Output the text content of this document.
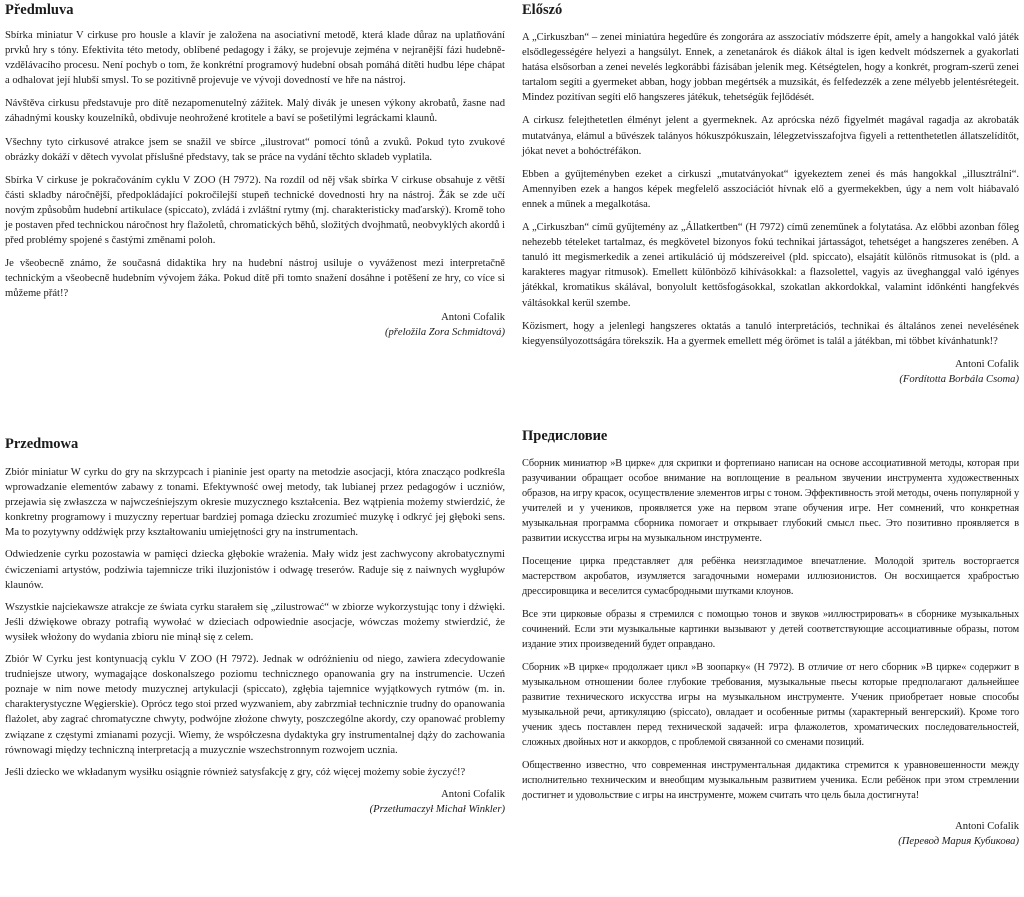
Předmluva

Sbírka miniatur V cirkuse pro housle a klavír je založena na asociativní metodě, která klade důraz na uplatňování prvků hry s tóny. Efektivita této metody, oblíbené pedagogy i žáky, se projevuje zejména v nejranější fázi hudebně-vzdělávacího procesu. Není pochyb o tom, že konkrétní programový hudební obsah pomáhá dítěti hudbu lépe chápat a odhalovat její hlubší smysl. To se pozitivně projevuje ve vývoji dovedností ve hře na nástroj.

Návštěva cirkusu představuje pro dítě nezapomenutelný zážitek. Malý divák je unesen výkony akrobatů, žasne nad záhadnými kousky kouzelníků, obdivuje neohrožené krotitele a baví se pošetilými legráckami klaunů.

Všechny tyto cirkusové atrakce jsem se snažil ve sbírce „ilustrovat“ pomocí tónů a zvuků. Pokud tyto zvukové obrázky dokáží v dětech vyvolat příslušné představy, tak se práce na vydání těchto skladeb vyplatila.

Sbírka V cirkuse je pokračováním cyklu V ZOO (H 7972). Na rozdíl od něj však sbírka V cirkuse obsahuje z větší části skladby náročnější, předpokládající pokročilejší stupeň technické dovednosti hry na nástroj. Žák se zde učí novým způsobům hudební artikulace (spiccato), zvládá i zvláštní rytmy (mj. charakteristicky maďarský). Kromě toho je postaven před technickou náročnost hry flažoletů, chromatických běhů, složitých dvojhmatů, neobvyklých akordů i před problémy spojené s častými změnami poloh.

Je všeobecně známo, že současná didaktika hry na hudební nástroj usiluje o vyváženost mezi interpretačně technickým a všeobecně hudebním vývojem žáka. Pokud dítě při tomto snažení dosáhne i potěšení ze hry, co více si můžeme přát!?

Antoni Cofalik
(přeložila Zora Schmidtová)
Előszó

A „Cirkuszban“ – zenei miniatúra hegedűre és zongorára az asszociatív módszerre épít, amely a hangokkal való játék elsődlegességére helyezi a hangsúlyt. Ennek, a zenetanárok és diákok által is igen kedvelt módszernek a gyakorlati hatása elsősorban a zenei nevelés legkorábbi fázisában jelenik meg. Kétségtelen, hogy a konkrét, program-szerű zenei tartalom segíti a gyermeket abban, hogy jobban megértsék a muzsikát, és felfedezzék a zene mélyebb jelentésrétegeit. Mindez pozitívan segíti elő hangszeres játékuk, tehetségük fejlődését.

A cirkusz felejthetetlen élményt jelent a gyermeknek. Az aprócska néző figyelmét magával ragadja az akrobaták mutatványa, elámul a bűvészek talányos hókuszpókuszain, lélegzetvisszafojtva figyeli a rettenthetetlen állatszelídítőt, jókat nevet a bohóctréfákon.

Ebben a gyűjteményben ezeket a cirkuszi „mutatványokat“ igyekeztem zenei és más hangokkal „illusztrálni“. Amennyiben ezek a hangos képek megfelelő asszociációt hívnak elő a gyermekekben, úgy a nem volt hiábavaló ennek a műnek a megalkotása.

A „Cirkuszban“ című gyűjtemény az „Állatkertben“ (H 7972) című zeneműnek a folytatása. Az előbbi azonban főleg nehezebb tételeket tartalmaz, és megkövetel bizonyos fokú technikai jártasságot, tehetséget a hangszeres zenében. A tanuló itt megismerkedik a zenei artikuláció új módszereivel (pld. spiccato), elsajátít különös ritmusokat is (pld. a karakteres magyar ritmusok). Emellett különböző kihívásokkal: a flazsolettel, vagyis az üveghanggal való igényes játékkal, kromatikus skálával, bonyolult kettősfogásokkal, szokatlan akkordokkal, valamint időnkénti hangfekvés váltásokkal kerül szembe.

Közismert, hogy a jelenlegi hangszeres oktatás a tanuló interpretációs, technikai és általános zenei nevelésének kiegyensúlyozottságára törekszik. Ha a gyermek emellett még örömet is talál a játékban, mi többet kívánhatunk!?

Antoni Cofalik
(Fordította Borbála Csoma)
Przedmowa

Zbiór miniatur W cyrku do gry na skrzypcach i pianinie jest oparty na metodzie asocjacji, która znacząco podkreśla wprowadzanie elementów zabawy z tonami. Efektywność owej metody, tak lubianej przez pedagogów i uczniów, przejawia się zwłaszcza w najwcześniejszym okresie muzycznego kształcenia. Bez wątpienia możemy stwierdzić, że konkretny programowy i muzyczny repertuar bardziej pomaga dziecku zrozumieć muzykę i odkryć jej głęboki sens. Ma to pozytywny oddźwięk przy kształtowaniu umiejętności gry na instrumentach.

Odwiedzenie cyrku pozostawia w pamięci dziecka głębokie wrażenia. Mały widz jest zachwycony akrobatycznymi ćwiczeniami artystów, podziwia tajemnicze triki iluzjonistów i odwagę treserów. Raduje się z naiwnych wygłupów klaunów.

Wszystkie najciekawsze atrakcje ze świata cyrku starałem się „zilustrować“ w zbiorze wykorzystując tony i dźwięki. Jeśli dźwiękowe obrazy potrafią wywołać w dzieciach odpowiednie asocjacje, wówczas możemy stwierdzić, że wysiłek włożony do wydania zbioru nie minął się z celem.

Zbiór W Cyrku jest kontynuacją cyklu V ZOO (H 7972). Jednak w odróżnieniu od niego, zawiera zdecydowanie trudniejsze utwory, wymagające doskonalszego poziomu technicznego opanowania gry na instrumencie. Uczeń poznaje w nim nowe metody muzycznej artykulacji (spiccato), zgłębia tajemnice wyjątkowych rytmów (m. in. charakterystyczne Węgierskie). Oprócz tego stoi przed wyzwaniem, aby zabrzmiał technicznie trudny do opanowania flażolet, aby zagrać chromatyczne chwyty, podwójne złożone chwyty, poszczególne akordy, czy opanować problemy związane z częstymi zmianami pozycji. Wiemy, że współczesna dydaktyka gry instrumentalnej dąży do zachowania równowagi między techniczną interpretacją a muzycznie wszechstronnym rozwojem ucznia.

Jeśli dziecko we wkładanym wysiłku osiągnie również satysfakcję z gry, cóż więcej możemy sobie życzyć!?

Antoni Cofalik
(Przetłumaczył Michał Winkler)
Предисловие

Сборник миниатюр »В цирке« для скрипки и фортепиано написан на основе ассоциативной методы, которая при разучивании обращает особое внимание на воплощение в реальном звучении инструмента художественных образов, на игру красок, осуществление элементов игры с тоном. Эффективность этой методы, очень популярной у учителей и у учеников, проявляется уже на первом этапе обучения игре. Нет сомнений, что конкретная музыкальная программа сборника помогает и открывает глубокий смысл пьес. Это позитивно проявляется в развитии искусства игры на музыкальном инструменте.

Посещение цирка представляет для ребёнка неизгладимое впечатление. Молодой зритель восторгается мастерством акробатов, изумляется загадочными номерами иллюзионистов. Он восхищается храбростью дрессировщика и веселится сумасбродными шутками клоунов.

Все эти цирковые образы я стремился с помощью тонов и звуков »иллюстрировать« в сборнике музыкальных сочинений. Если эти музыкальные картинки вызывают у детей соответствующие ассоциативные образы, потом издание этих произведений будет оправдано.

Сборник »В цирке« продолжает цикл »В зоопарку« (H 7972). В отличие от него сборник »В цирке« содержит в музыкальном отношении более глубокие требования, музыкальные пьесы которые предполагают дальнейшее развитие технического искусства игры на музыкальном инструменте. Ученик приобретает новые способы музыкальной речи, артикуляцию (spiccato), овладает и особенные ритмы (характерный венгерский). Кроме того ученик здесь поставлен перед технической задачей: игра флажолетов, хроматических последовательностей, сложных двойных нот и аккордов, с проблемой связанной со сменами позиций.

Общественно известно, что современная инструментальная дидактика стремится к уравновешенности между исполнительно техническим и внеобщим музыкальным развитием ученика. Если ребёнок при этом стремлении достигнет и удовольствие с игры на инструменте, можем считать что цель была достигнута!

Antoni Cofalik
(Перевод Мария Кубикова)
